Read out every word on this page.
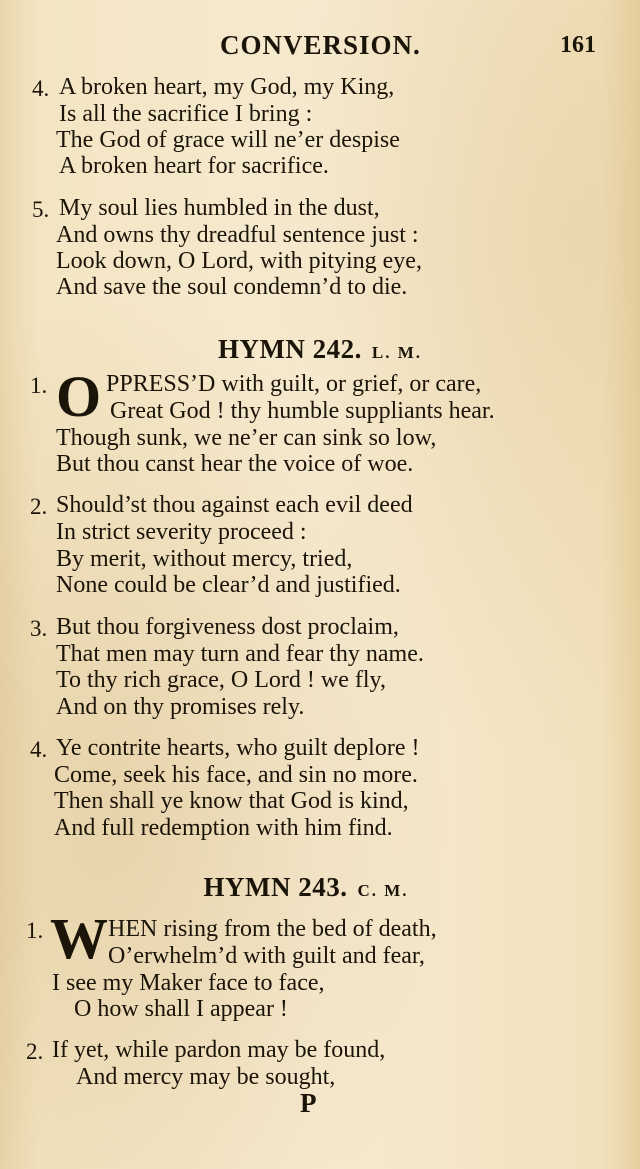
CONVERSION.	161
4. A broken heart, my God, my King,
Is all the sacrifice I bring :
The God of grace will ne’er despise
A broken heart for sacrifice.
5. My soul lies humbled in the dust,
And owns thy dreadful sentence just :
Look down, O Lord, with pitying eye,
And save the soul condemn’d to die.
HYMN 242. L. M.
1. O PPRESS’D with guilt, or grief, or care,
Great God ! thy humble suppliants hear.
Though sunk, we ne’er can sink so low,
But thou canst hear the voice of woe.
2. Should’st thou against each evil deed
In strict severity proceed :
By merit, without mercy, tried,
None could be clear’d and justified.
3. But thou forgiveness dost proclaim,
That men may turn and fear thy name.
To thy rich grace, O Lord ! we fly,
And on thy promises rely.
4. Ye contrite hearts, who guilt deplore !
Come, seek his face, and sin no more.
Then shall ye know that God is kind,
And full redemption with him find.
HYMN 243. C. M.
1. W HEN rising from the bed of death,
O’erwhelm’d with guilt and fear,
I see my Maker face to face,
O how shall I appear !
2. If yet, while pardon may be found,
And mercy may be sought,
P
